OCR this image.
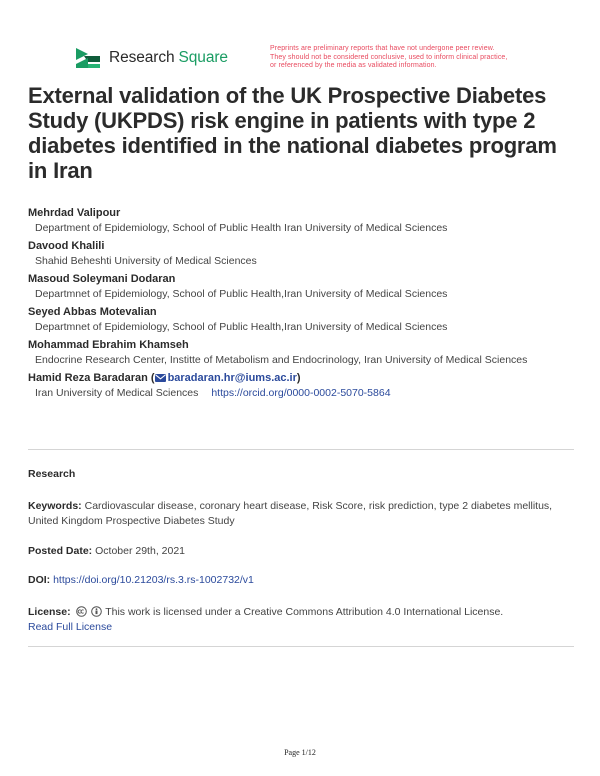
Research Square
Preprints are preliminary reports that have not undergone peer review.
They should not be considered conclusive, used to inform clinical practice,
or referenced by the media as validated information.
External validation of the UK Prospective Diabetes Study (UKPDS) risk engine in patients with type 2 diabetes identified in the national diabetes program in Iran
Mehrdad Valipour
Department of Epidemiology, School of Public Health Iran University of Medical Sciences
Davood Khalili
Shahid Beheshti University of Medical Sciences
Masoud Soleymani Dodaran
Departmnet of Epidemiology, School of Public Health,Iran University of Medical Sciences
Seyed Abbas Motevalian
Departmnet of Epidemiology, School of Public Health,Iran University of Medical Sciences
Mohammad Ebrahim Khamseh
Endocrine Research Center, Institte of Metabolism and Endocrinology, Iran University of Medical Sciences
Hamid Reza Baradaran ( baradaran.hr@iums.ac.ir)
Iran University of Medical Sciences https://orcid.org/0000-0002-5070-5864
Research
Keywords: Cardiovascular disease, coronary heart disease, Risk Score, risk prediction, type 2 diabetes mellitus, United Kingdom Prospective Diabetes Study
Posted Date: October 29th, 2021
DOI: https://doi.org/10.21203/rs.3.rs-1002732/v1
License:	This work is licensed under a Creative Commons Attribution 4.0 International License.
Read Full License
Page 1/12
